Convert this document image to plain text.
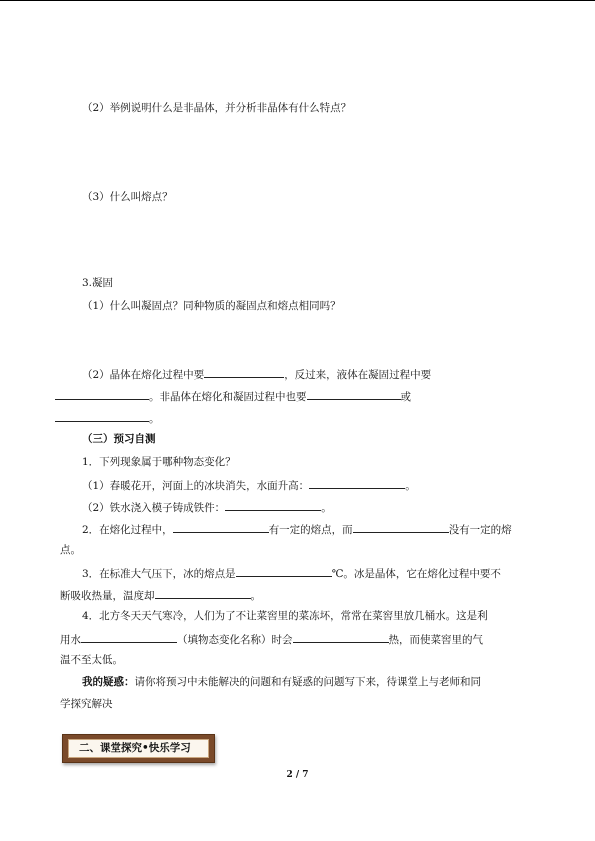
（2）举例说明什么是非晶体，并分析非晶体有什么特点？
（3）什么叫熔点？
3.凝固
（1）什么叫凝固点？同种物质的凝固点和熔点相同吗？
（2）晶体在熔化过程中要	，反过来，液体在凝固过程中要
。非晶体在熔化和凝固过程中也要	或
。
（三）预习自测
1．下列现象属于哪种物态变化？
（1）春暖花开，河面上的冰块消失，水面升高：	。
（2）铁水浇入模子铸成铁件：	。
2．在熔化过程中，	有一定的熔点，而	没有一定的熔
点。
3．在标准大气压下，冰的熔点是	℃。冰是晶体，它在熔化过程中要不
断吸收热量，温度却	。
4．北方冬天天气寒冷，人们为了不让菜窖里的菜冻坏，常常在菜窖里放几桶水。这是利
用水	（填物态变化名称）时会	热，而使菜窖里的气
温不至太低。
我的疑惑：请你将预习中未能解决的问题和有疑惑的问题写下来，待课堂上与老师和同
学探究解决
二、课堂探究•快乐学习
2 / 7
